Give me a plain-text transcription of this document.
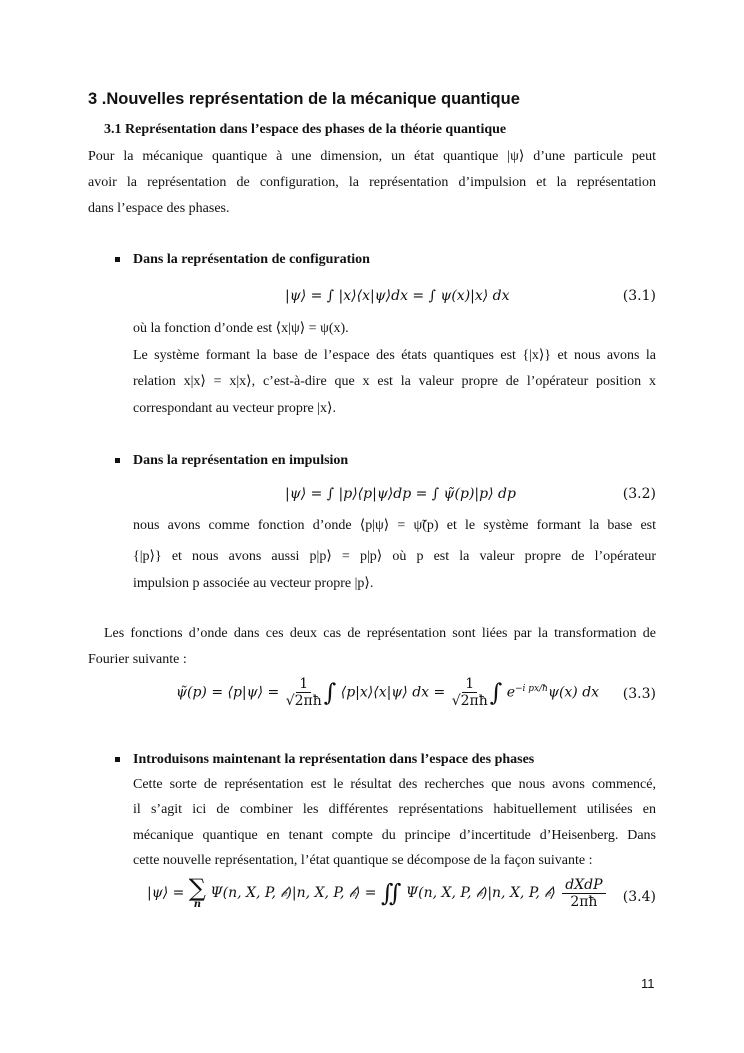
3 .Nouvelles représentation de la mécanique quantique
3.1 Représentation dans l’espace des phases de la théorie quantique
Pour la mécanique quantique à une dimension, un état quantique |ψ⟩ d’une particule peut
avoir la représentation de configuration, la représentation d’impulsion et la représentation
dans l’espace des phases.
Dans la représentation de configuration
|ψ⟩ = ∫ |x⟩⟨x|ψ⟩dx = ∫ ψ(x)|x⟩ dx	(3.1)
où la fonction d’onde est ⟨x|ψ⟩ = ψ(x).
Le système formant la base de l’espace des états quantiques est {|x⟩} et nous avons la
relation x|x⟩ = x|x⟩, c’est-à-dire que x est la valeur propre de l’opérateur position x
correspondant au vecteur propre |x⟩.
Dans la représentation en impulsion
|ψ⟩ = ∫ |p⟩⟨p|ψ⟩dp = ∫ ψ̃(p)|p⟩ dp	(3.2)
nous avons comme fonction d’onde ⟨p|ψ⟩ = ψ̃(p) et le système formant la base est
{|p⟩} et nous avons aussi p|p⟩ = p|p⟩ où p est la valeur propre de l’opérateur
impulsion p associée au vecteur propre |p⟩.
Les fonctions d’onde dans ces deux cas de représentation sont liées par la transformation de
Fourier suivante :
ψ̃(p) = ⟨p|ψ⟩ = $\frac{1}{√2\pi ħ}$ ∫ ⟨p|x⟩⟨x|ψ⟩ dx = $\frac{1}{√2\pi ħ}$ ∫ $e^{-i px/ħ}\psi(x)$ dx (3.3)
Introduisons maintenant la représentation dans l’espace des phases
Cette sorte de représentation est le résultat des recherches que nous avons commencé,
il s’agit ici de combiner les différentes représentations habituellement utilisées en
mécanique quantique en tenant compte du principe d’incertitude d’Heisenberg. Dans
cette nouvelle représentation, l’état quantique se décompose de la façon suivante :
|ψ⟩ = ∑
n
Ψ(n, X, P, 𝒷)|n, X, P, 𝒷⟩ = ∬ Ψ(n, X, P, 𝒷)|n, X, P, 𝒷⟩ $\frac{\text{dXdP}}{2\pi ħ} (3.4)$
11
